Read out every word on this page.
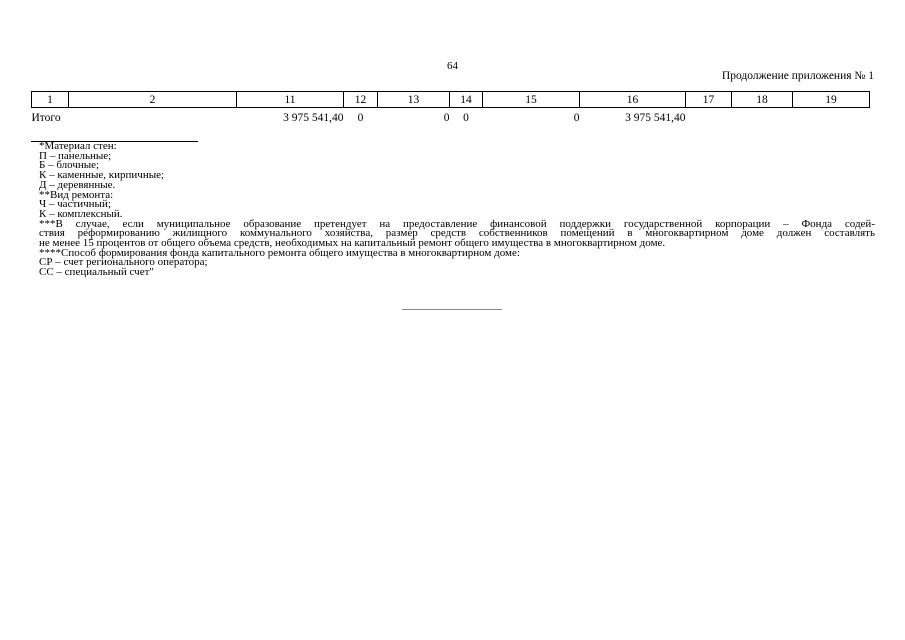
64
Продолжение приложения № 1
1	2	11	12	13	14	15	16	17	18	19
Итого		3 975 541,40	0	0	0	0	3 975 541,40			
*Материал стен:
П – панельные;
Б – блочные;
К – каменные, кирпичные;
Д – деревянные.
**Вид ремонта:
Ч – частичный;
К – комплексный.
***В случае, если муниципальное образование претендует на предоставление финансовой поддержки государственной корпорации – Фонда содей-
ствия реформированию жилищного коммунального хозяйства, размер средств собственников помещений в многоквартирном доме должен составлять
не менее 15 процентов от общего объема средств, необходимых на капитальный ремонт общего имущества в многоквартирном доме.
****Способ формирования фонда капитального ремонта общего имущества в многоквартирном доме:
СР – счет регионального оператора;
СС – специальный счет"
